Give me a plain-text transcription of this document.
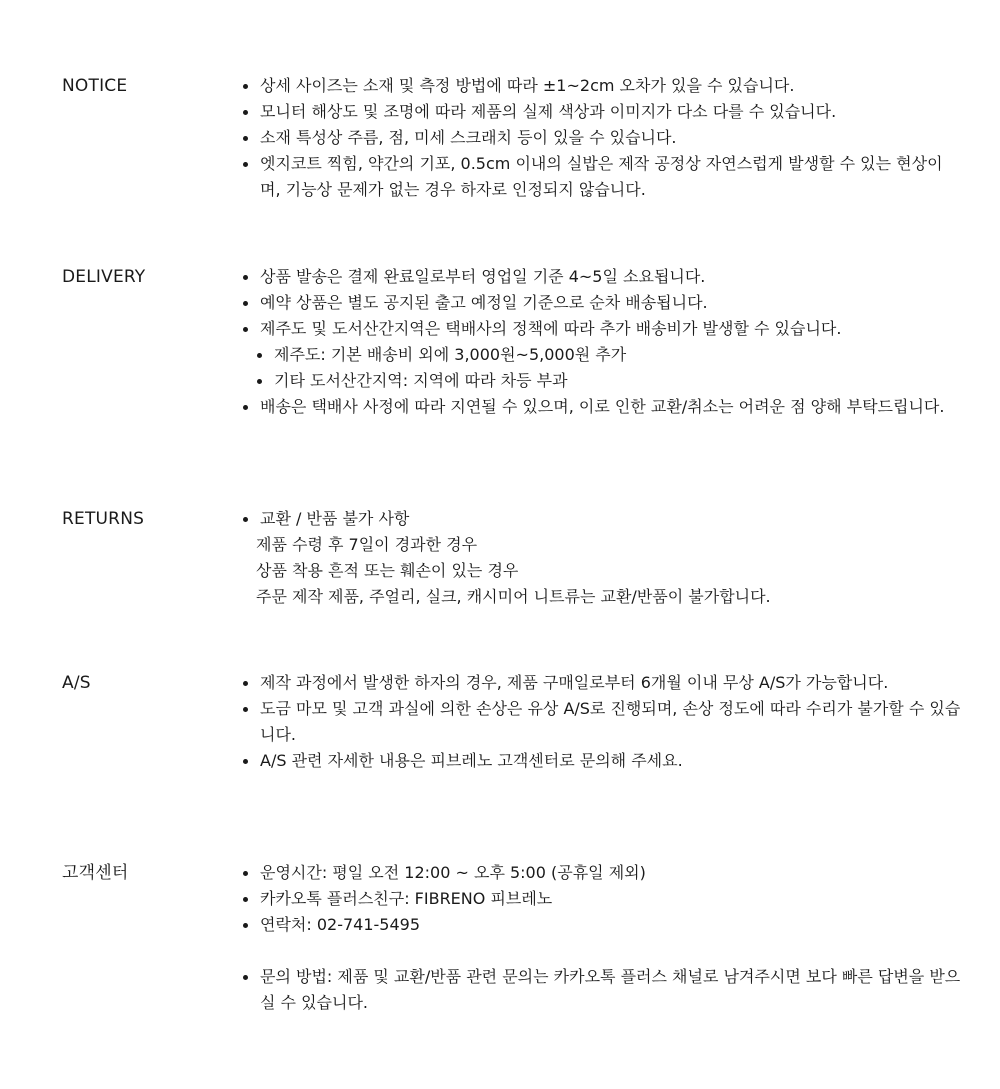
NOTICE	상세 사이즈는 소재 및 측정 방법에 따라 ±1~2cm 오차가 있을 수 있습니다.
모니터 해상도 및 조명에 따라 제품의 실제 색상과 이미지가 다소 다를 수 있습니다.
소재 특성상 주름, 점, 미세 스크래치 등이 있을 수 있습니다.
엣지코트 찍힘, 약간의 기포, 0.5cm 이내의 실밥은 제작 공정상 자연스럽게 발생할 수 있는 현상이며, 기능상 문제가 없는 경우 하자로 인정되지 않습니다.
DELIVERY	상품 발송은 결제 완료일로부터 영업일 기준 4~5일 소요됩니다.
예약 상품은 별도 공지된 출고 예정일 기준으로 순차 배송됩니다.
제주도 및 도서산간지역은 택배사의 정책에 따라 추가 배송비가 발생할 수 있습니다.
제주도: 기본 배송비 외에 3,000원~5,000원 추가
기타 도서산간지역: 지역에 따라 차등 부과
배송은 택배사 사정에 따라 지연될 수 있으며, 이로 인한 교환/취소는 어려운 점 양해 부탁드립니다.
RETURNS	교환 / 반품 불가 사항
제품 수령 후 7일이 경과한 경우
상품 착용 흔적 또는 훼손이 있는 경우
주문 제작 제품, 주얼리, 실크, 캐시미어 니트류는 교환/반품이 불가합니다.
A/S	제작 과정에서 발생한 하자의 경우, 제품 구매일로부터 6개월 이내 무상 A/S가 가능합니다.
도금 마모 및 고객 과실에 의한 손상은 유상 A/S로 진행되며, 손상 정도에 따라 수리가 불가할 수 있습니다.
A/S 관련 자세한 내용은 피브레노 고객센터로 문의해 주세요.
고객센터	운영시간: 평일 오전 12:00 ~ 오후 5:00 (공휴일 제외)
카카오톡 플러스친구: FIBRENO 피브레노
연락처: 02-741-5495
문의 방법: 제품 및 교환/반품 관련 문의는 카카오톡 플러스 채널로 남겨주시면 보다 빠른 답변을 받으실 수 있습니다.
